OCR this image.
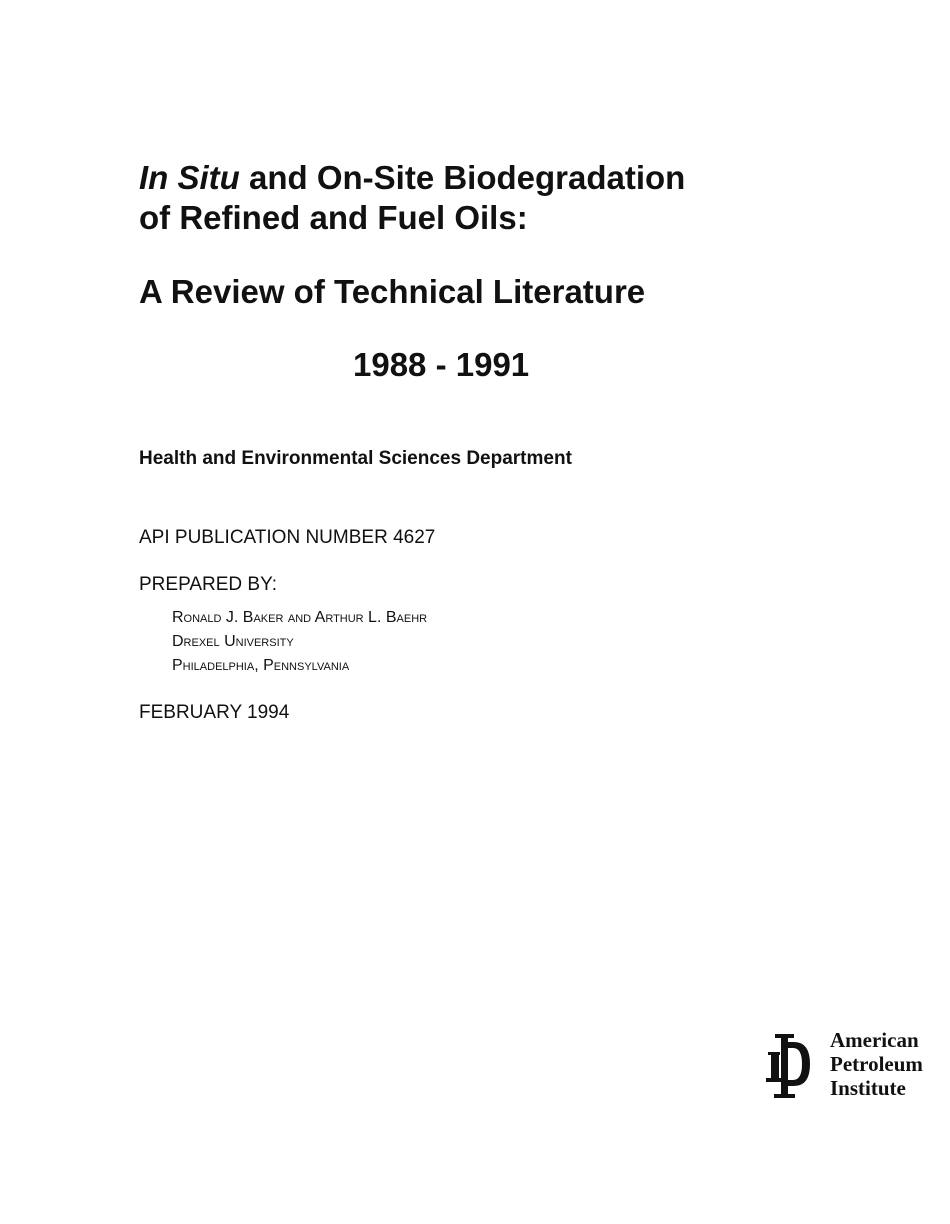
In Situ and On-Site Biodegradation
of Refined and Fuel Oils:
A Review of Technical Literature
1988 - 1991
Health and Environmental Sciences Department
API PUBLICATION NUMBER 4627
PREPARED BY:
Ronald J. Baker and Arthur L. Baehr
Drexel University
Philadelphia, Pennsylvania
FEBRUARY 1994
American
Petroleum
Institute
